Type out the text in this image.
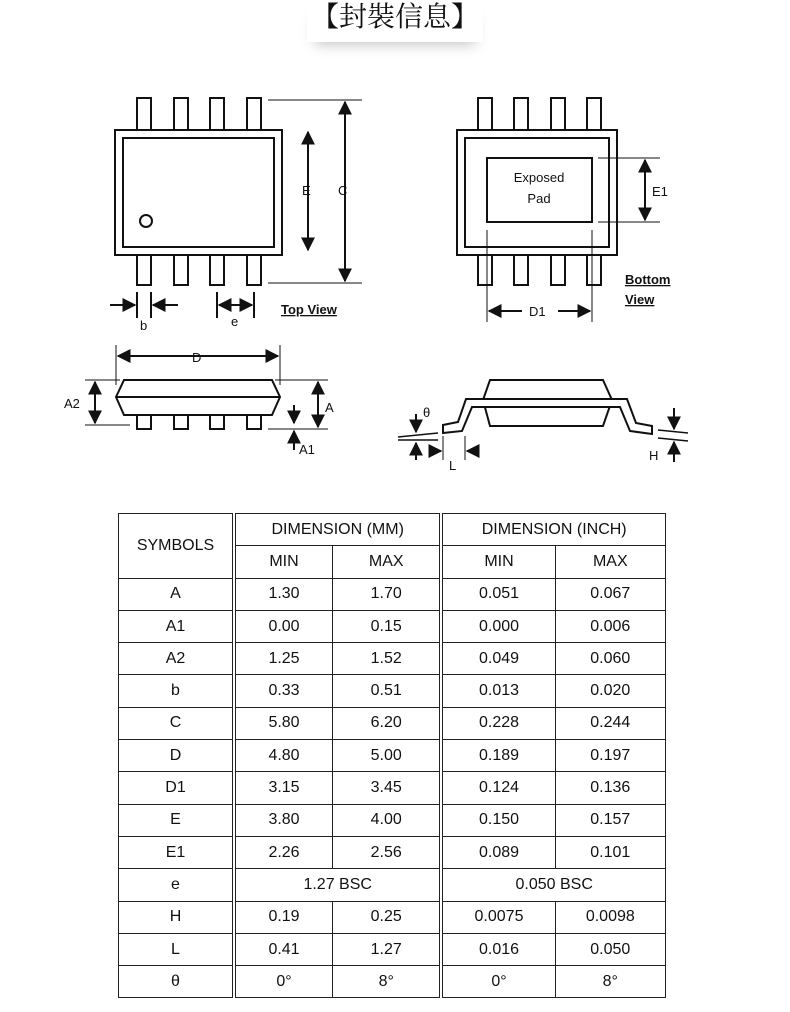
【封裝信息】
E C
b	e
Top View
Exposed
Pad	E1
D1
Bottom
View
D
A2	A
A1
θ
L
H
SYMBOLS	DIMENSION (MM)		DIMENSION (INCH)	
	MIN	MAX	MIN	MAX
A	1.30	1.70	0.051	0.067
A1	0.00	0.15	0.000	0.006
A2	1.25	1.52	0.049	0.060
b	0.33	0.51	0.013	0.020
C	5.80	6.20	0.228	0.244
D	4.80	5.00	0.189	0.197
D1	3.15	3.45	0.124	0.136
E	3.80	4.00	0.150	0.157
E1	2.26	2.56	0.089	0.101
e	1.27 BSC		0.050 BSC	
H	0.19	0.25	0.0075	0.0098
L	0.41	1.27	0.016	0.050
θ	0°	8°	0°	8°
